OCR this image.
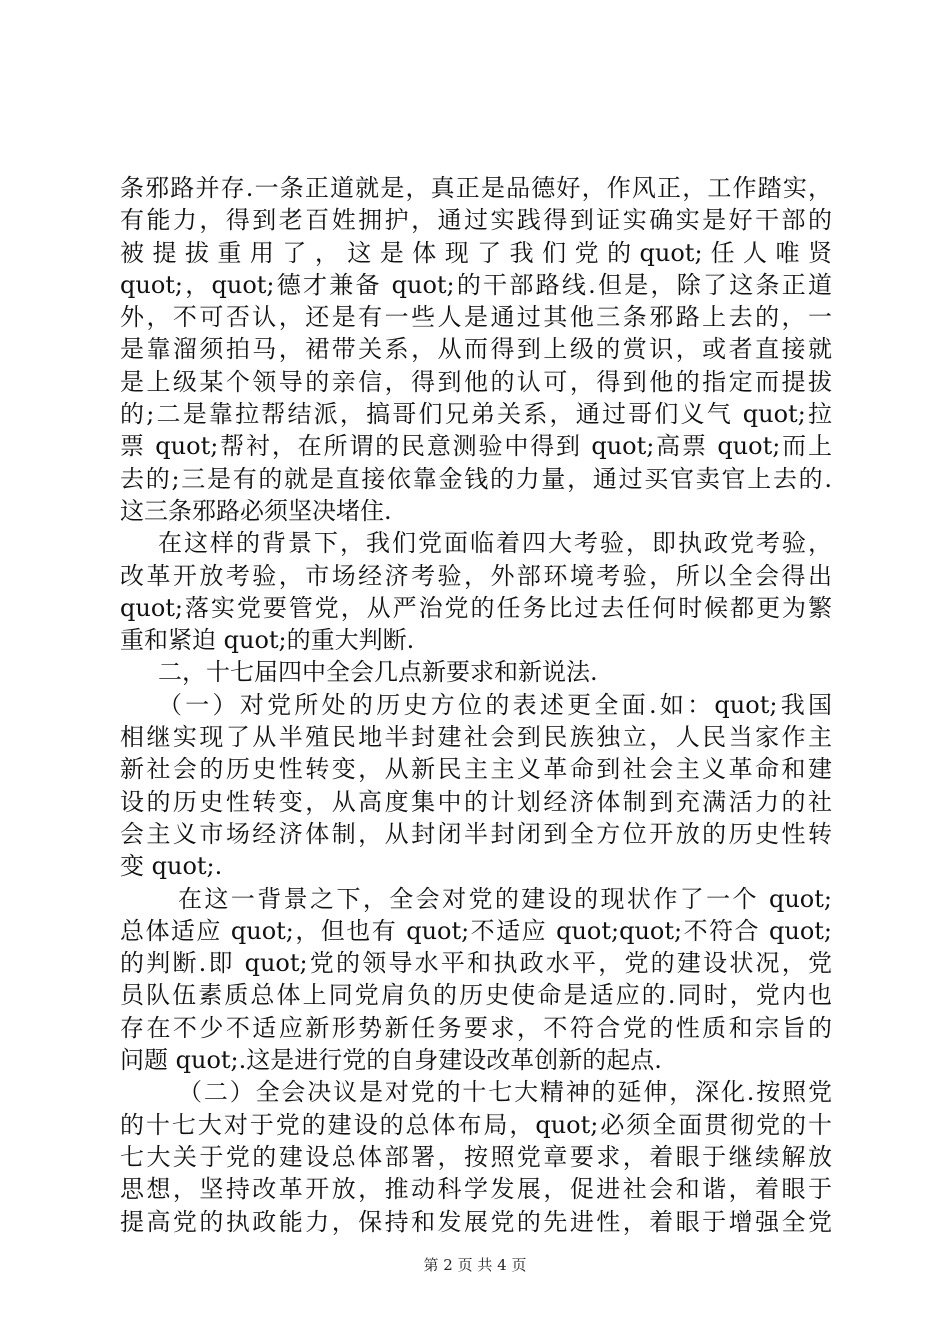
条邪路并存.一条正道就是，真正是品德好，作风正，工作踏实，
有能力，得到老百姓拥护，通过实践得到证实确实是好干部的
被 提 拔 重 用 了 ， 这 是 体 现 了 我 们 党 的 quot; 任 人 唯 贤
quot;，quot;德才兼备 quot;的干部路线.但是，除了这条正道
外，不可否认，还是有一些人是通过其他三条邪路上去的，一
是靠溜须拍马，裙带关系，从而得到上级的赏识，或者直接就
是上级某个领导的亲信，得到他的认可，得到他的指定而提拔
的;二是靠拉帮结派，搞哥们兄弟关系，通过哥们义气 quot;拉
票 quot;帮衬，在所谓的民意测验中得到 quot;高票 quot;而上
去的;三是有的就是直接依靠金钱的力量，通过买官卖官上去的.
这三条邪路必须坚决堵住.
在这样的背景下，我们党面临着四大考验，即执政党考验，
改革开放考验，市场经济考验，外部环境考验，所以全会得出
quot;落实党要管党，从严治党的任务比过去任何时候都更为繁
重和紧迫 quot;的重大判断.
二，十七届四中全会几点新要求和新说法.
（一）对党所处的历史方位的表述更全面.如：quot;我国
相继实现了从半殖民地半封建社会到民族独立，人民当家作主
新社会的历史性转变，从新民主主义革命到社会主义革命和建
设的历史性转变，从高度集中的计划经济体制到充满活力的社
会主义市场经济体制，从封闭半封闭到全方位开放的历史性转
变 quot;.
在这一背景之下，全会对党的建设的现状作了一个 quot;
总体适应 quot;，但也有 quot;不适应 quot;quot;不符合 quot;
的判断.即 quot;党的领导水平和执政水平，党的建设状况，党
员队伍素质总体上同党肩负的历史使命是适应的.同时，党内也
存在不少不适应新形势新任务要求，不符合党的性质和宗旨的
问题 quot;.这是进行党的自身建设改革创新的起点.
（二）全会决议是对党的十七大精神的延伸，深化.按照党
的十七大对于党的建设的总体布局，quot;必须全面贯彻党的十
七大关于党的建设总体部署，按照党章要求，着眼于继续解放
思想，坚持改革开放，推动科学发展，促进社会和谐，着眼于
提高党的执政能力，保持和发展党的先进性，着眼于增强全党
第 2 页 共 4 页
